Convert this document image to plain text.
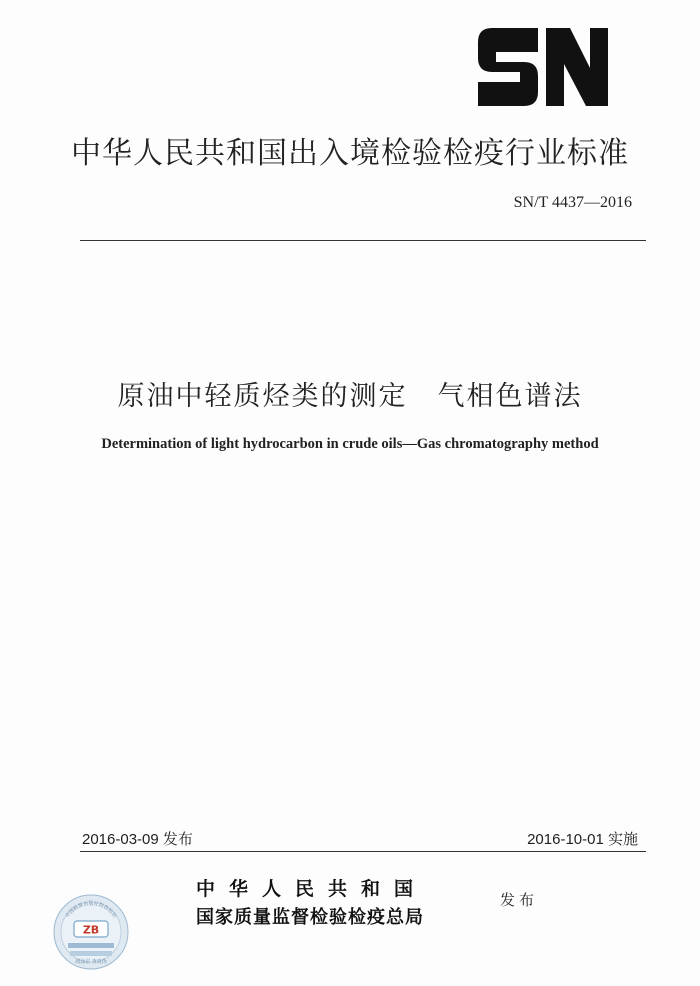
中华人民共和国出入境检验检疫行业标准
SN/T 4437—2016
原油中轻质烃类的测定 气相色谱法
Determination of light hydrocarbon in crude oils—Gas chromatography method
2016-03-09 发布	2016-10-01 实施
中华人民共和国
国家质量监督检验检疫总局
发布
中国标准出版社防伪标识
ZB
刮涂层 查真伪
